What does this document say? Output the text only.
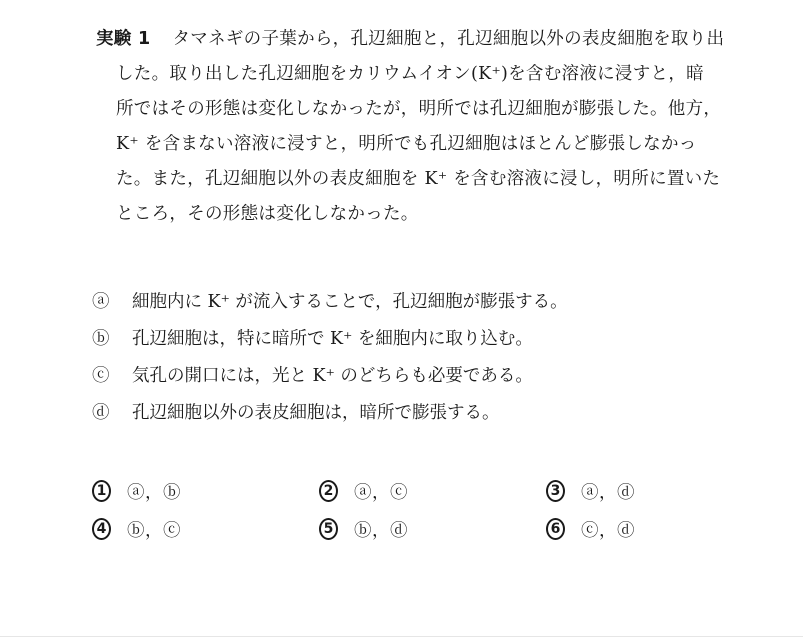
実験 1 タマネギの子葉から，孔辺細胞と，孔辺細胞以外の表皮細胞を取り出
した。取り出した孔辺細胞をカリウムイオン(K⁺)を含む溶液に浸すと，暗
所ではその形態は変化しなかったが，明所では孔辺細胞が膨張した。他方，
K⁺ を含まない溶液に浸すと，明所でも孔辺細胞はほとんど膨張しなかっ
た。また，孔辺細胞以外の表皮細胞を K⁺ を含む溶液に浸し，明所に置いた
ところ，その形態は変化しなかった。
ⓐ	細胞内に K⁺ が流入することで，孔辺細胞が膨張する。
ⓑ	孔辺細胞は，特に暗所で K⁺ を細胞内に取り込む。
ⓒ	気孔の開口には，光と K⁺ のどちらも必要である。
ⓓ	孔辺細胞以外の表皮細胞は，暗所で膨張する。
1 ⓐ，ⓑ	2 ⓐ，ⓒ	3 ⓐ，ⓓ
4 ⓑ，ⓒ	5 ⓑ，ⓓ	6 ⓒ，ⓓ
